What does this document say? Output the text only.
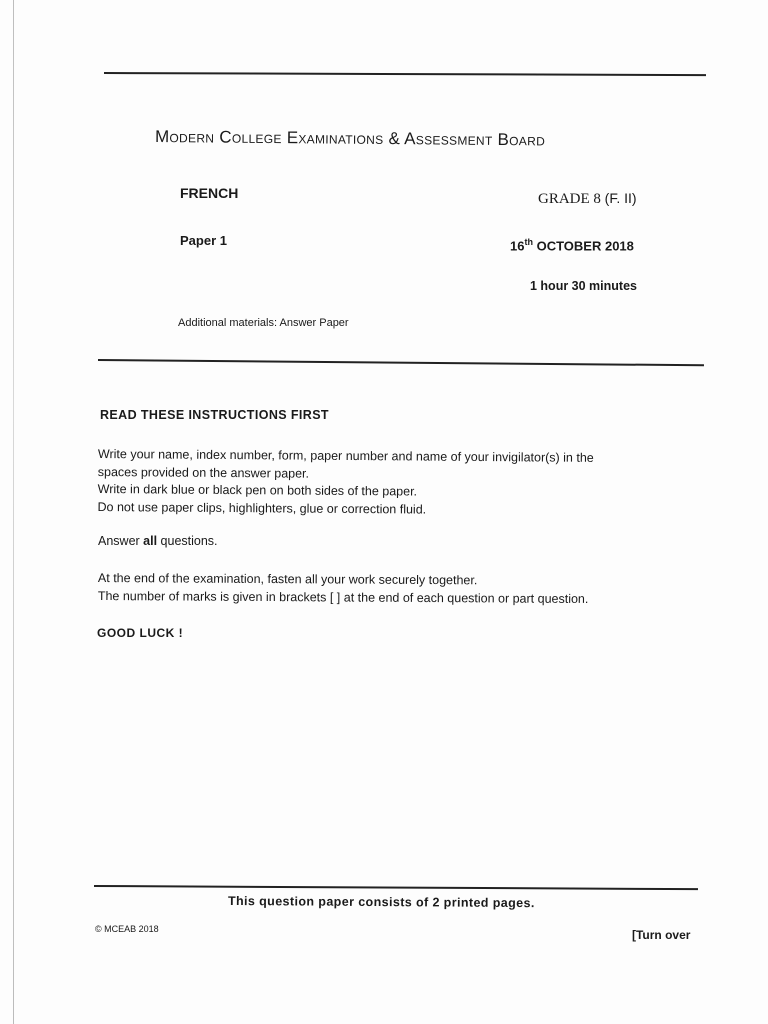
Modern College Examinations & Assessment Board
FRENCH	GRADE 8 (F. II)
Paper 1	16th OCTOBER 2018
1 hour 30 minutes
Additional materials: Answer Paper
READ THESE INSTRUCTIONS FIRST

Write your name, index number, form, paper number and name of your invigilator(s) in the

spaces provided on the answer paper.

Write in dark blue or black pen on both sides of the paper.

Do not use paper clips, highlighters, glue or correction fluid.

Answer all questions.

At the end of the examination, fasten all your work securely together.

The number of marks is given in brackets [ ] at the end of each question or part question.

GOOD LUCK !
This question paper consists of 2 printed pages.
© MCEAB 2018	[Turn over
